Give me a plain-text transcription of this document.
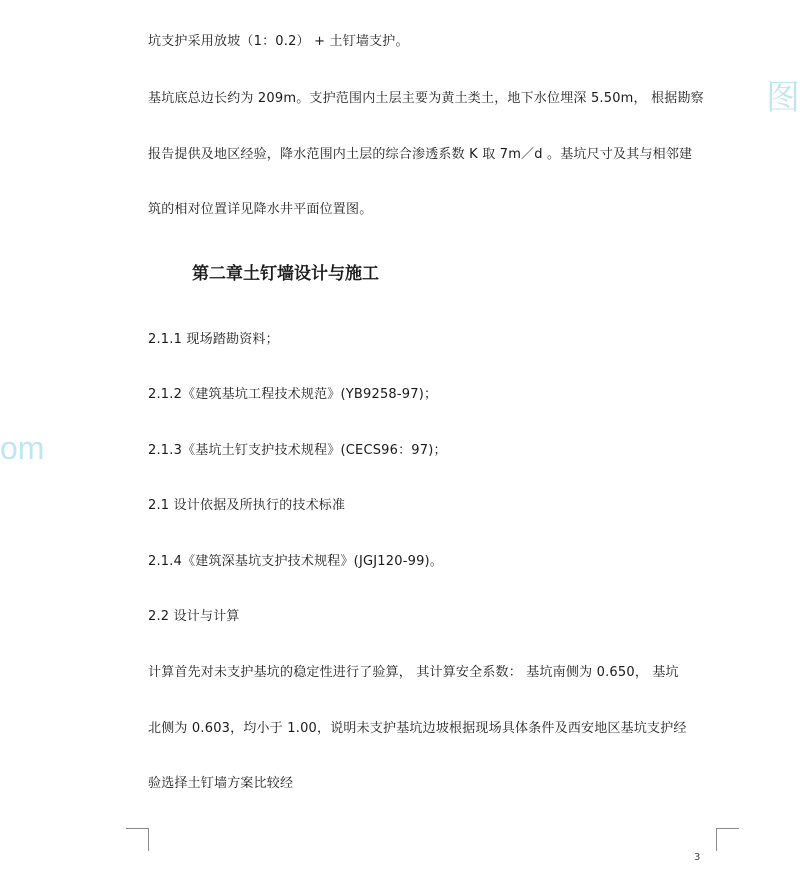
图
om
坑支护采用放坡（1：0.2） + 土钉墙支护。
基坑底总边长约为 209m。支护范围内土层主要为黄土类土，地下水位埋深 5.50m， 根据勘察
报告提供及地区经验，降水范围内土层的综合渗透系数 K 取 7m／d 。基坑尺寸及其与相邻建
筑的相对位置详见降水井平面位置图。
第二章土钉墙设计与施工
2.1.1 现场踏勘资料；
2.1.2《建筑基坑工程技术规范》(YB9258-97)；
2.1.3《基坑土钉支护技术规程》(CECS96：97)；
2.1 设计依据及所执行的技术标准
2.1.4《建筑深基坑支护技术规程》(JGJ120-99)。
2.2 设计与计算
计算首先对未支护基坑的稳定性进行了验算， 其计算安全系数： 基坑南侧为 0.650， 基坑
北侧为 0.603，均小于 1.00，说明未支护基坑边坡根据现场具体条件及西安地区基坑支护经
验选择土钉墙方案比较经
3
